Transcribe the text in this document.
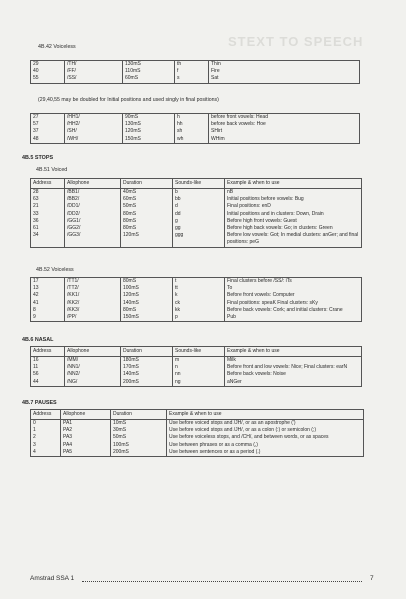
STEXT TO SPEECH
4B.42 Voiceless
29	/TH/	130mS	th	Thin
40	/FF/	110mS	f	Fire
55	/SS/	60mS	s	Sat
(29,40,55 may be doubled for Initial positions and used singly in final positions)
27	/HH1/	90mS	h	before front vowels: Head
57	/HH2/	130mS	hh	before back vowels: Hoe
37	/SH/	120mS	sh	SHirt
48	/WH/	150mS	wh	WHim
4B.5 STOPS
4B.51 Voiced
Address	Allophone	Duration	Sounds-like	Example & when to use
28	/BB1/	40mS	b	nB
63	/BB2/	60mS	bb	Initial positions before vowels: Bug
21	/DD1/	50mS	d	Final positions: enD
33	/DD2/	80mS	dd	Initial positions and in clusters: Down, Drain
36	/GG1/	80mS	g	Before high front vowels: Guest
61	/GG2/	80mS	gg	Before high back vowels: Go; in clusters: Green
34	/GG3/	120mS	ggg	Before low vowels: Got; In medial clusters: anGer; and final positions: peG
4B.52 Voiceless
17	/TT1/	80mS	t	Final clusters before /SS/: iTs
13	/TT2/	100mS	tt	To
42	/KK1/	120mS	k	Before front vowels: Computer
41	/KK2/	140mS	ck	Final positions: speaK Final clusters: sKy
8	/KK3/	80mS	kk	Before back vowels: Cork; and initial clusters: Crane
9	/PP/	150mS	p	Pub
4B.6 NASAL
Address	Allophone	Duration	Sounds-like	Example & when to use
16	/MM/	180mS	m	Milk
11	/NN1/	170mS	n	Before front and low vowels: Nice; Final clusters: earN
56	/NN2/	140mS	nn	Before back vowels: Noise
44	/NG/	200mS	ng	aNGer
4B.7 PAUSES
Address	Allophone	Duration	Example & when to use
0	PA1	10mS	Use before voiced stops and /JH/, or as an apostrophe (')
1	PA2	30mS	Use before voiced stops and /JH/, or as a colon (:) or semicolon (;)
2	PA3	50mS	Use before voiceless stops, and /CH/, and between words, or as spaces
3	PA4	100mS	Use between phrases or as a comma (,)
4	PA5	200mS	Use between sentences or as a period (.)
Amstrad SSA 1	7
